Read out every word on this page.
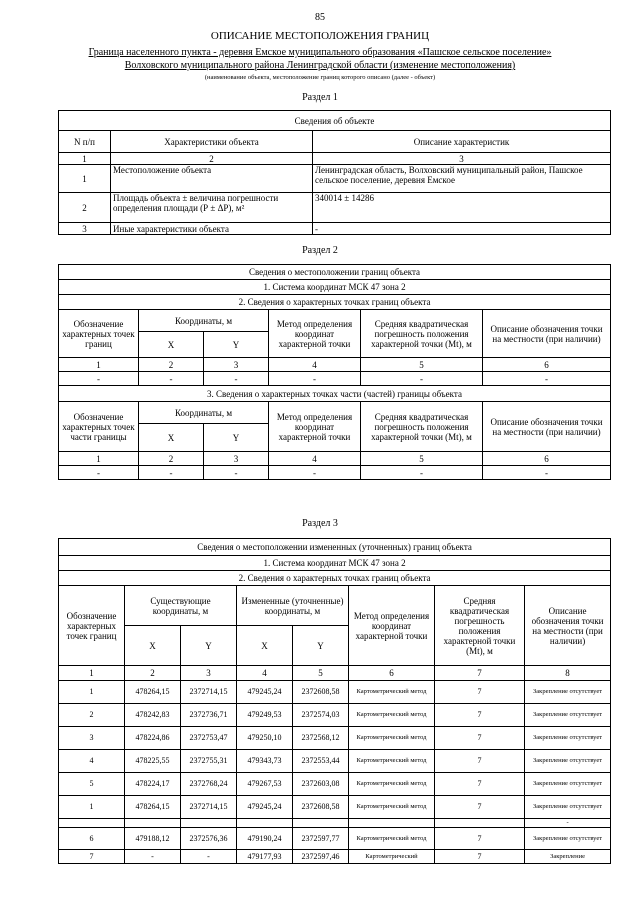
85
ОПИСАНИЕ МЕСТОПОЛОЖЕНИЯ ГРАНИЦ
Граница населенного пункта - деревня Емское муниципального образования «Пашское сельское поселение»
Волховского муниципального района Ленинградской области (изменение местоположения)
(наименование объекта, местоположение границ которого описано (далее - объект)
Раздел 1
Сведения об объекте		
N п/п	Характеристики объекта	Описание характеристик
1	2	3
1	Местоположение объекта	Ленинградская область, Волховский муниципальный район, Пашское сельское поселение, деревня Емское
2	Площадь объекта ± величина погрешности определения площади (Р ± ΔР), м²	340014 ± 14286
3	Иные характеристики объекта	-
Раздел 2
Сведения о местоположении границ объекта					
1. Система координат МСК 47 зона 2					
2. Сведения о характерных точках границ объекта					
Обозначение характерных точек границ	Координаты, м		Метод определения координат характерной точки	Средняя квадратическая погрешность положения характерной точки (Mt), м	Описание обозначения точки на местности (при наличии)
	X	Y			
1	2	3	4	5	6
-	-	-	-	-	-
3. Сведения о характерных точках части (частей) границы объекта					
Обозначение характерных точек части границы	Координаты, м		Метод определения координат характерной точки	Средняя квадратическая погрешность положения характерной точки (Mt), м	Описание обозначения точки на местности (при наличии)
	X	Y			
1	2	3	4	5	6
-	-	-	-	-	-
Раздел 3
Сведения о местоположении измененных (уточненных) границ объекта							
1. Система координат МСК 47 зона 2							
2. Сведения о характерных точках границ объекта							
Обозначение характерных точек границ	Существующие координаты, м		Измененные (уточненные) координаты, м		Метод определения координат характерной точки	Средняя квадратическая погрешность положения характерной точки (Mt), м	Описание обозначения точки на местности (при наличии)
	X	Y	X	Y			
1	2	3	4	5	6	7	8
1	478264,15	2372714,15	479245,24	2372608,58	Картометрический метод	7	Закрепление отсутствует
2	478242,83	2372736,71	479249,53	2372574,03	Картометрический метод	7	Закрепление отсутствует
3	478224,86	2372753,47	479250,10	2372568,12	Картометрический метод	7	Закрепление отсутствует
4	478225,55	2372755,31	479343,73	2372553,44	Картометрический метод	7	Закрепление отсутствует
5	478224,17	2372768,24	479267,53	2372603,08	Картометрический метод	7	Закрепление отсутствует
1	478264,15	2372714,15	479245,24	2372608,58	Картометрический метод	7	Закрепление отсутствует
							-
6	479188,12	2372576,36	479190,24	2372597,77	Картометрический метод	7	Закрепление отсутствует
7	-	-	479177,93	2372597,46	Картометрический	7	Закрепление
